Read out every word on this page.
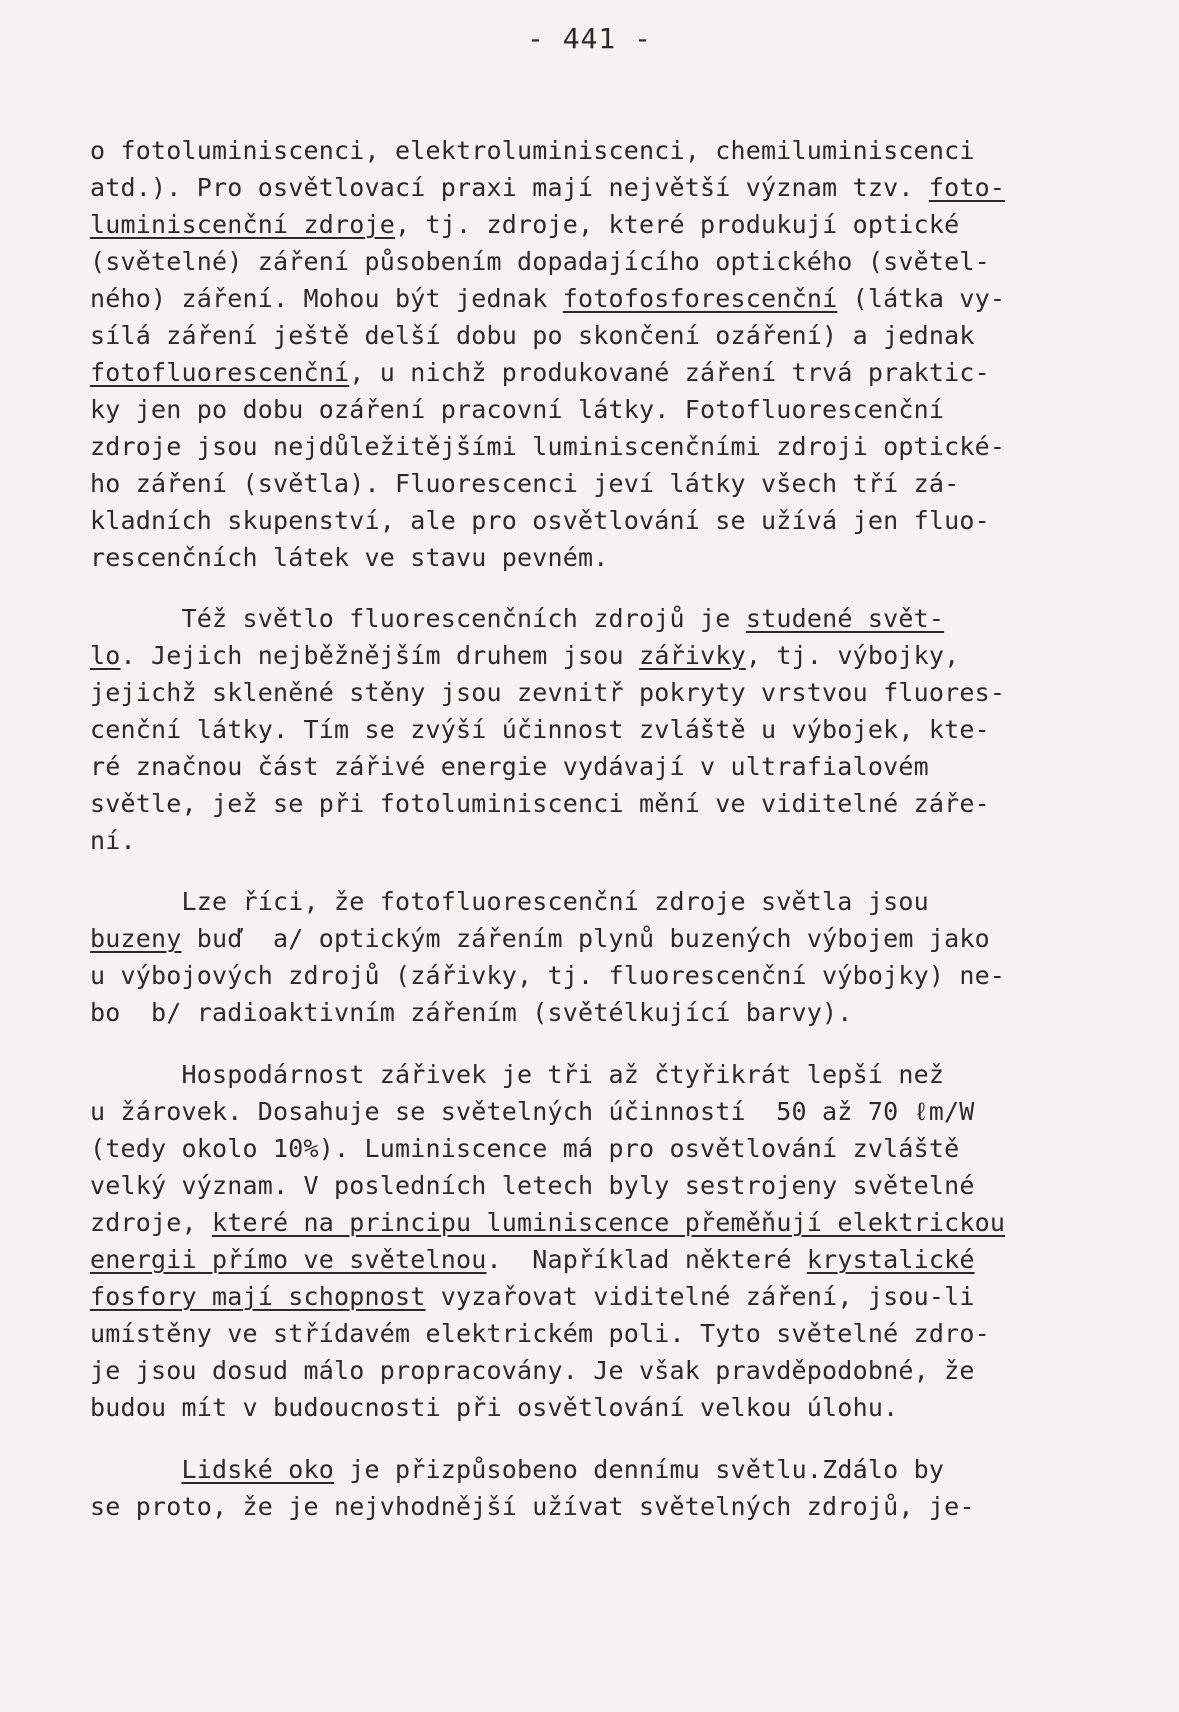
- 441 -
o fotoluminiscenci, elektroluminiscenci, chemiluminiscenci
atd.). Pro osvětlovací praxi mají největší význam tzv. foto-
luminiscenční zdroje, tj. zdroje, které produkují optické
(světelné) záření působením dopadajícího optického (světel-
ného) záření. Mohou být jednak fotofosforescenční (látka vy-
sílá záření ještě delší dobu po skončení ozáření) a jednak
fotofluorescenční, u nichž produkované záření trvá praktic-
ky jen po dobu ozáření pracovní látky. Fotofluorescenční
zdroje jsou nejdůležitějšími luminiscenčními zdroji optické-
ho záření (světla). Fluorescenci jeví látky všech tří zá-
kladních skupenství, ale pro osvětlování se užívá jen fluo-
rescenčních látek ve stavu pevném.
Též světlo fluorescenčních zdrojů je studené svět-
lo. Jejich nejběžnějším druhem jsou zářivky, tj. výbojky,
jejichž skleněné stěny jsou zevnitř pokryty vrstvou fluores-
cenční látky. Tím se zvýší účinnost zvláště u výbojek, kte-
ré značnou část zářivé energie vydávají v ultrafialovém
světle, jež se při fotoluminiscenci mění ve viditelné záře-
ní.
Lze říci, že fotofluorescenční zdroje světla jsou
buzeny buď  a/ optickým zářením plynů buzených výbojem jako
u výbojových zdrojů (zářivky, tj. fluorescenční výbojky) ne-
bo  b/ radioaktivním zářením (světélkující barvy).
Hospodárnost zářivek je tři až čtyřikrát lepší než
u žárovek. Dosahuje se světelných účinností  50 až 70 ℓm/W
(tedy okolo 10%). Luminiscence má pro osvětlování zvláště
velký význam. V posledních letech byly sestrojeny světelné
zdroje, které na principu luminiscence přeměňují elektrickou
energii přímo ve světelnou.  Například některé krystalické
fosfory mají schopnost vyzařovat viditelné záření, jsou-li
umístěny ve střídavém elektrickém poli. Tyto světelné zdro-
je jsou dosud málo propracovány. Je však pravděpodobné, že
budou mít v budoucnosti při osvětlování velkou úlohu.
Lidské oko je přizpůsobeno dennímu světlu.Zdálo by
se proto, že je nejvhodnější užívat světelných zdrojů, je-
